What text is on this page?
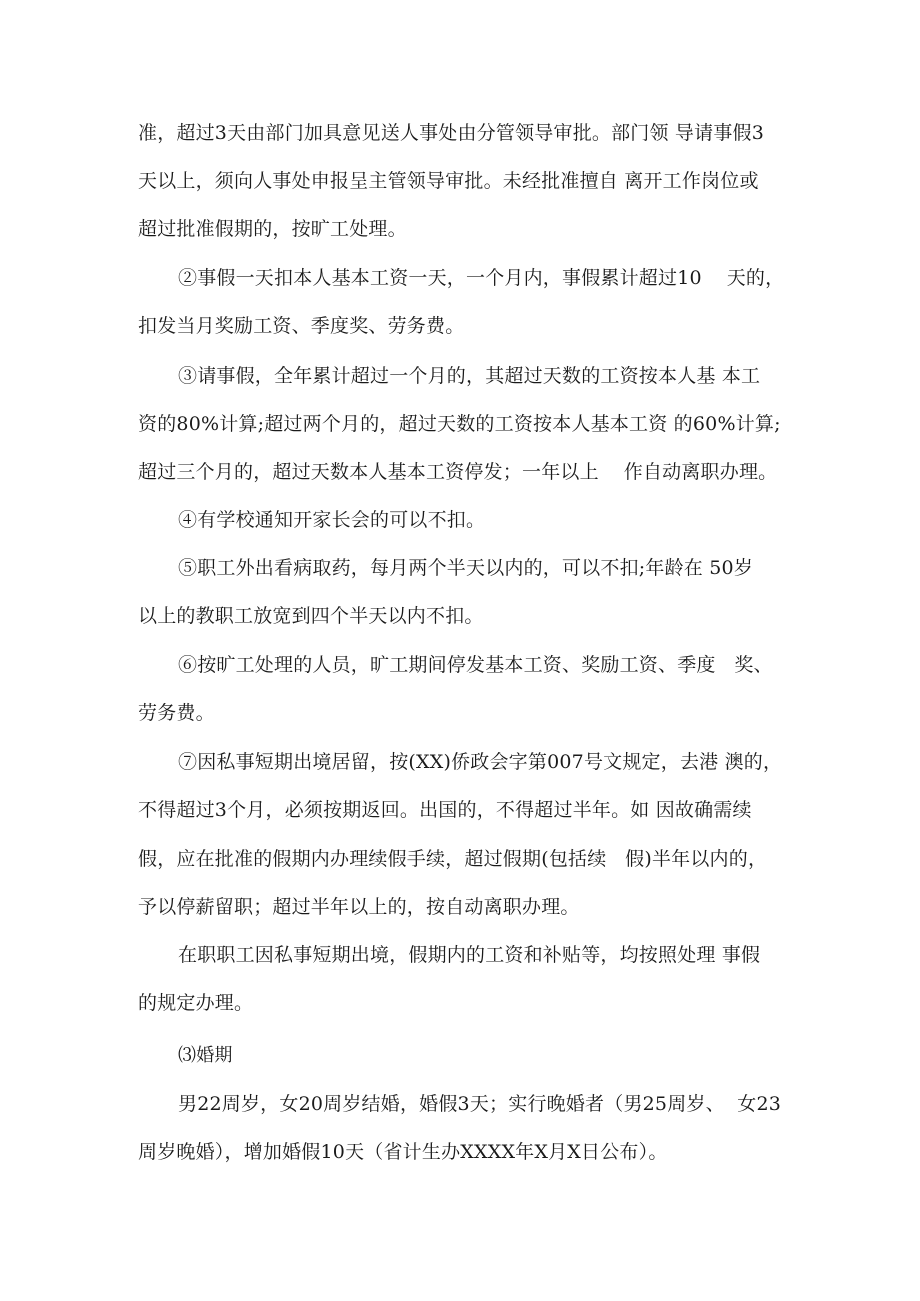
准，超过3天由部门加具意见送人事处由分管领导审批。部门领 导请事假3
天以上，须向人事处申报呈主管领导审批。未经批准擅自 离开工作岗位或
超过批准假期的，按旷工处理。
②事假一天扣本人基本工资一天，一个月内，事假累计超过10    天的，
扣发当月奖励工资、季度奖、劳务费。
③请事假，全年累计超过一个月的，其超过天数的工资按本人基 本工
资的80%计算;超过两个月的，超过天数的工资按本人基本工资 的60%计算;
超过三个月的，超过天数本人基本工资停发；一年以上    作自动离职办理。
④有学校通知开家长会的可以不扣。
⑤职工外出看病取药，每月两个半天以内的，可以不扣;年龄在 50岁
以上的教职工放宽到四个半天以内不扣。
⑥按旷工处理的人员，旷工期间停发基本工资、奖励工资、季度   奖、
劳务费。
⑦因私事短期出境居留，按(XX)侨政会字第007号文规定，去港 澳的，
不得超过3个月，必须按期返回。出国的，不得超过半年。如 因故确需续
假，应在批准的假期内办理续假手续，超过假期(包括续   假)半年以内的，
予以停薪留职；超过半年以上的，按自动离职办理。
在职职工因私事短期出境，假期内的工资和补贴等，均按照处理 事假
的规定办理。
⑶婚期
男22周岁，女20周岁结婚，婚假3天；实行晚婚者（男25周岁、  女23
周岁晚婚），增加婚假10天（省计生办XXXX年X月X日公布）。
